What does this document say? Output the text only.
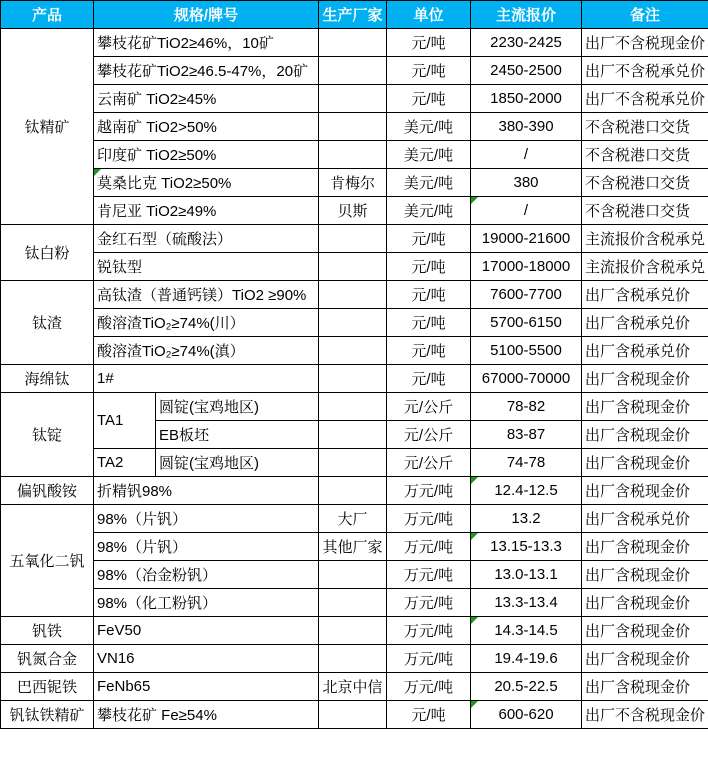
产品	规格/牌号		生产厂家	单位	主流报价	备注
钛精矿	攀枝花矿TiO2≥46%，10矿			元/吨	2230-2425	出厂不含税现金价
	攀枝花矿TiO2≥46.5-47%，20矿			元/吨	2450-2500	出厂不含税承兑价
	云南矿 TiO2≥45%			元/吨	1850-2000	出厂不含税承兑价
	越南矿 TiO2>50%			美元/吨	380-390	不含税港口交货
	印度矿 TiO2≥50%			美元/吨	/	不含税港口交货
	莫桑比克 TiO2≥50%		肯梅尔	美元/吨	380	不含税港口交货
	肯尼亚 TiO2≥49%		贝斯	美元/吨	/	不含税港口交货
钛白粉	金红石型（硫酸法）			元/吨	19000-21600	主流报价含税承兑
	锐钛型			元/吨	17000-18000	主流报价含税承兑
钛渣	高钛渣（普通钙镁）TiO2 ≥90%			元/吨	7600-7700	出厂含税承兑价
	酸溶渣TiO₂≥74%(川）			元/吨	5700-6150	出厂含税承兑价
	酸溶渣TiO₂≥74%(滇）			元/吨	5100-5500	出厂含税承兑价
海绵钛	1#			元/吨	67000-70000	出厂含税现金价
钛锭	TA1	圆锭(宝鸡地区)		元/公斤	78-82	出厂含税现金价
		EB板坯		元/公斤	83-87	出厂含税现金价
	TA2	圆锭(宝鸡地区)		元/公斤	74-78	出厂含税现金价
偏钒酸铵	折精钒98%			万元/吨	12.4-12.5	出厂含税现金价
五氧化二钒	98%（片钒）		大厂	万元/吨	13.2	出厂含税承兑价
	98%（片钒）		其他厂家	万元/吨	13.15-13.3	出厂含税现金价
	98%（冶金粉钒）			万元/吨	13.0-13.1	出厂含税现金价
	98%（化工粉钒）			万元/吨	13.3-13.4	出厂含税现金价
钒铁	FeV50			万元/吨	14.3-14.5	出厂含税现金价
钒氮合金	VN16			万元/吨	19.4-19.6	出厂含税现金价
巴西铌铁	FeNb65		北京中信	万元/吨	20.5-22.5	出厂含税现金价
钒钛铁精矿	攀枝花矿 Fe≥54%			元/吨	600-620	出厂不含税现金价
